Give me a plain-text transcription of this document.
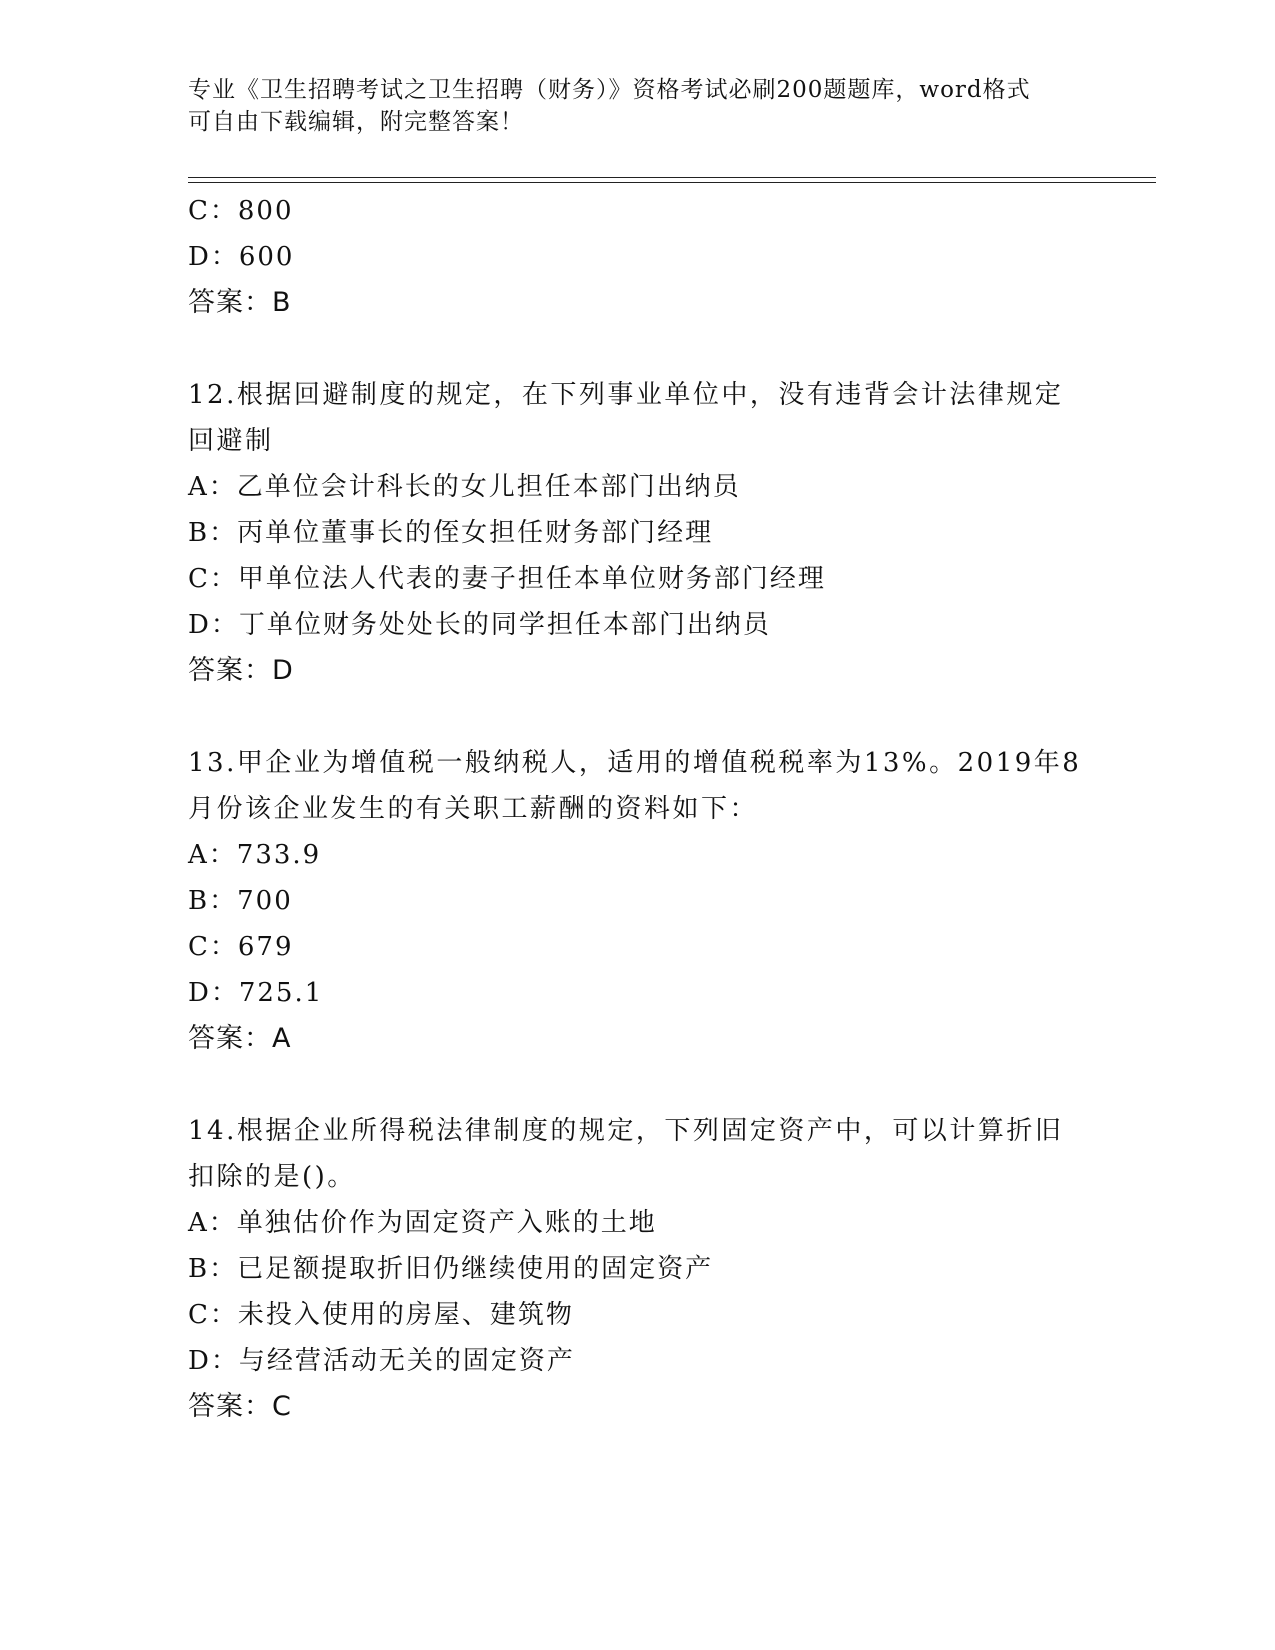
专业《卫生招聘考试之卫生招聘（财务）》资格考试必刷200题题库，word格式
可自由下载编辑，附完整答案！
C：800
D：600
答案：B
12.根据回避制度的规定，在下列事业单位中，没有违背会计法律规定
回避制
A：乙单位会计科长的女儿担任本部门出纳员
B：丙单位董事长的侄女担任财务部门经理
C：甲单位法人代表的妻子担任本单位财务部门经理
D：丁单位财务处处长的同学担任本部门出纳员
答案：D
13.甲企业为增值税一般纳税人，适用的增值税税率为13%。2019年8
月份该企业发生的有关职工薪酬的资料如下：
A：733.9
B：700
C：679
D：725.1
答案：A
14.根据企业所得税法律制度的规定，下列固定资产中，可以计算折旧
扣除的是()。
A：单独估价作为固定资产入账的土地
B：已足额提取折旧仍继续使用的固定资产
C：未投入使用的房屋、建筑物
D：与经营活动无关的固定资产
答案：C
